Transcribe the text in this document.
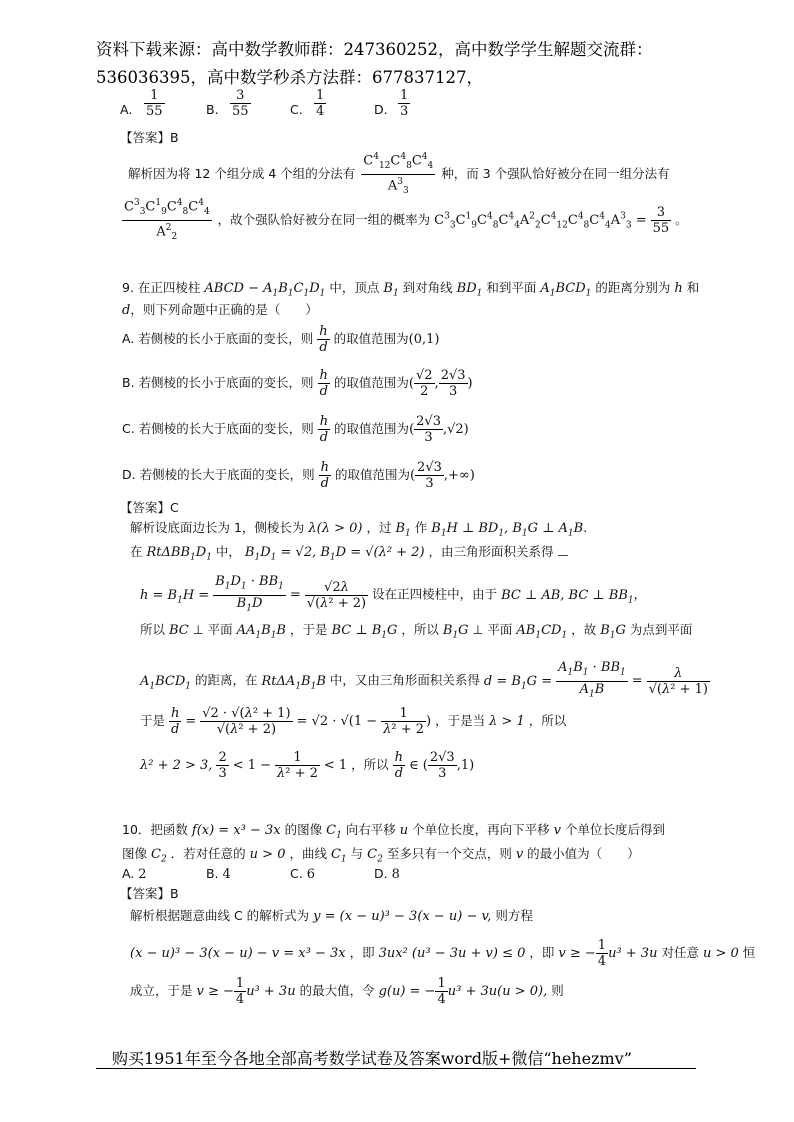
资料下载来源：高中数学教师群：247360252，高中数学学生解题交流群：
536036395，高中数学秒杀方法群：677837127，
A. $\frac{1}{55}$	B. $\frac{3}{55}$	C. $\frac{1}{4}$	D. $\frac{1}{3}$
【答案】B
解析因为将 12 个组分成 4 个组的分法有 $\frac{C^4_{12}C^4_8C^4_4}{A^3_3}$ 种，而 3 个强队恰好被分在同一组分法有
$\frac{C^3_3C^1_9C^4_8C^4_4}{A^2_2}$ ，故个强队恰好被分在同一组的概率为 $C^3_3C^1_9C^4_8C^4_4A^2_2C^4_{12}C^4_8C^4_4A^3_3 = \frac{3}{55}$ 。
9. 在正四棱柱 ABCD − $A_1B_1C_1D_1$ 中，顶点 $B_1$ 到对角线 $BD_1$ 和到平面 $A_1BCD_1$ 的距离分别为 h 和
d，则下列命题中正确的是（　　）
A. 若侧棱的长小于底面的变长，则 $\frac{h}{d}$ 的取值范围为(0,1)
B. 若侧棱的长小于底面的变长，则 $\frac{h}{d}$ 的取值范围为( $\frac{√2}{2}$ , $\frac{2√3}{3}$ )
C. 若侧棱的长大于底面的变长，则 $\frac{h}{d}$ 的取值范围为( $\frac{2√3}{3} ,√2$)
D. 若侧棱的长大于底面的变长，则 $\frac{h}{d}$ 的取值范围为( $\frac{2√3}{3}$ ,+∞)
【答案】C
解析设底面边长为 1，侧棱长为 λ(λ > 0) ，过 $B_1$ 作 $B_1H$ ⊥ $BD_1$, $B_1G$ ⊥ $A_1B$.
在 $Rt\Delta BB_1D_1$ 中， $B_1D_1 = √2$, $B_1D = √(\lambda^2 + 2)$ ，由三角形面积关系得
$h = B_1H = \frac{B_1D_1 \cdot BB_1}{B_1D} = \frac{√2\lambda}{\text{√(λ² + 2)}}$ 设在正四棱柱中，由于 BC ⊥ AB, BC ⊥ $BB_1$，
所以 BC ⊥ 平面 $AA_1B_1B$ ，于是 BC ⊥ $B_1G$ ，所以 $B_1G$ ⊥ 平面 $AB_1CD_1$ ，故 $B_1G$ 为点到平面
$A_1BCD_1$ 的距离，在 $Rt\Delta A_1B_1B$ 中，又由三角形面积关系得 $d = B_1G = \frac{A_1B_1 \cdot BB_1}{A_1B} = \frac{\lambda}{\text{√(λ² + 1)}}$
于是 $\frac{h}{d} = \frac{\text{√2 · √(λ² + 1)}}{\text{√(λ² + 2)}} = √2 \cdot √(1 - \frac{1}{\text{λ² + 2}}$ ) ，于是当 λ > 1 ，所以
λ² + 2 > 3, $\frac{2}{3} < 1 - \frac{1}{\text{λ² + 2}} < 1$ ，所以 $\frac{h}{d}$ ∈ ( $\frac{2√3}{3} ,1$)
10．把函数 f(x) = x³ − 3x 的图像 $C_1$ 向右平移 u 个单位长度，再向下平移 v 个单位长度后得到
图像 $C_2$ ．若对任意的 u > 0 ，曲线 $C_1$ 与 $C_2$ 至多只有一个交点，则 v 的最小值为（　　）
A. 2	B. 4	C. 6	D. 8
【答案】B
解析根据题意曲线 C 的解析式为 y = (x − u)³ − 3(x − u) − v, 则方程
(x − u)³ − 3(x − u) − v = x³ − 3x ，即 3ux² (u³ − 3u + v) ≤ 0 ，即 v ≥ − $\frac{1}{4} u^3 + 3u$ 对任意 u > 0 恒
成立，于是 v ≥ − $\frac{1}{4} u^3 + 3u$ 的最大值，令 g(u) = − $\frac{1}{4} u^3 + 3u(u > 0)$, 则
购买1951年至今各地全部高考数学试卷及答案word版+微信“hehezmv”
